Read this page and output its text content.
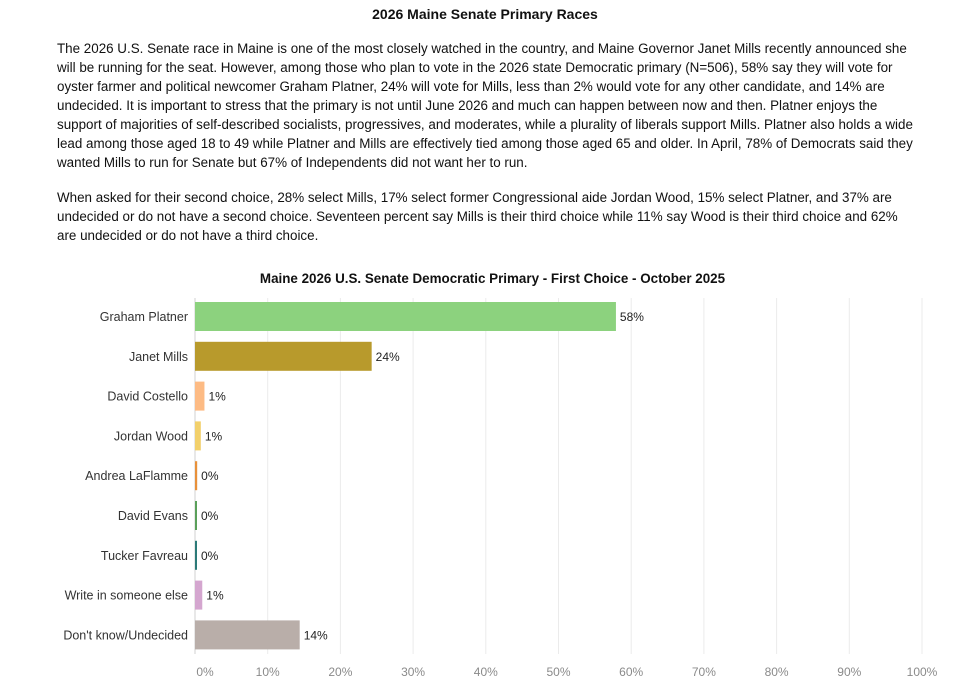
2026 Maine Senate Primary Races

The 2026 U.S. Senate race in Maine is one of the most closely watched in the country, and Maine Governor Janet Mills recently announced she will be running for the seat. However, among those who plan to vote in the 2026 state Democratic primary (N=506), 58% say they will vote for oyster farmer and political newcomer Graham Platner, 24% will vote for Mills, less than 2% would vote for any other candidate, and 14% are undecided. It is important to stress that the primary is not until June 2026 and much can happen between now and then. Platner enjoys the support of majorities of self-described socialists, progressives, and moderates, while a plurality of liberals support Mills. Platner also holds a wide lead among those aged 18 to 49 while Platner and Mills are effectively tied among those aged 65 and older. In April, 78% of Democrats said they wanted Mills to run for Senate but 67% of Independents did not want her to run.

When asked for their second choice, 28% select Mills, 17% select former Congressional aide Jordan Wood, 15% select Platner, and 37% are undecided or do not have a second choice. Seventeen percent say Mills is their third choice while 11% say Wood is their third choice and 62% are undecided or do not have a third choice.

Maine 2026 U.S. Senate Democratic Primary - First Choice - October 2025
Graham Platner
Janet Mills
David Costello
Jordan Wood
Andrea LaFlamme
David Evans
Tucker Favreau
Write in someone else
Don't know/Undecided
58%
24%
1%
1%
0%
0%
0%
1%
14%
0%	10%	20%	30%	40%	50%	60%	70%	80%	90%	100%
